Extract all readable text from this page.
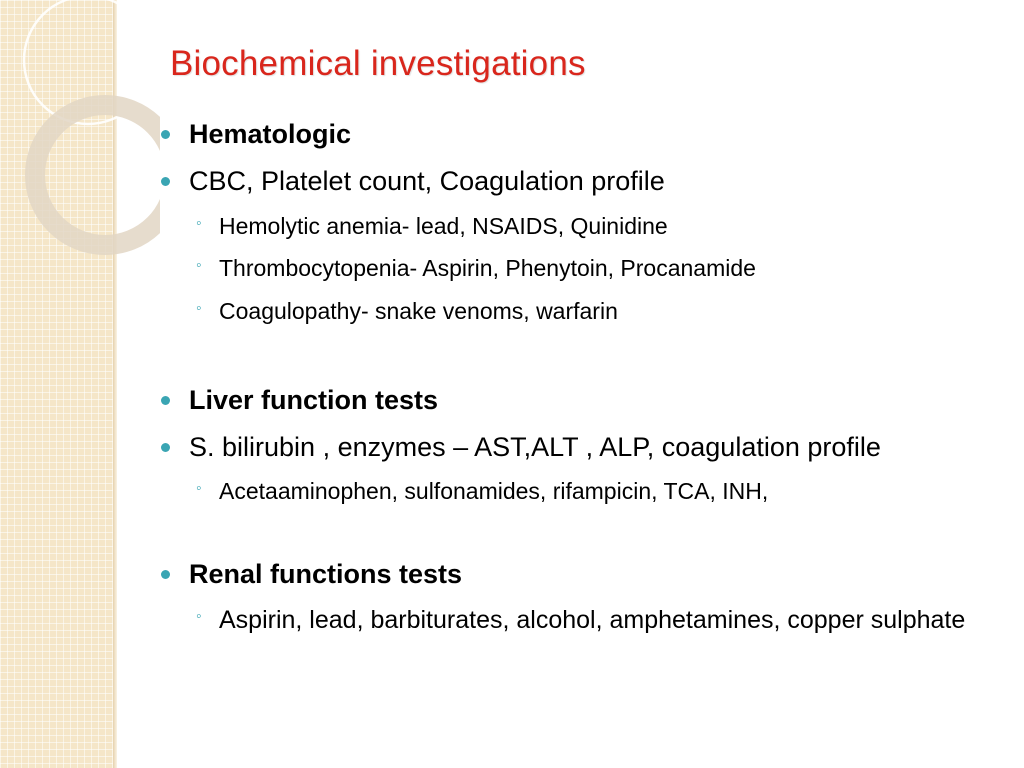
Biochemical investigations
Hematologic
CBC, Platelet count, Coagulation profile
◦ Hemolytic anemia- lead, NSAIDS, Quinidine
◦ Thrombocytopenia- Aspirin, Phenytoin, Procanamide
◦ Coagulopathy- snake venoms, warfarin
Liver function tests
S. bilirubin , enzymes – AST,ALT , ALP, coagulation profile
◦ Acetaaminophen, sulfonamides, rifampicin, TCA, INH,
Renal functions tests
◦ Aspirin, lead, barbiturates, alcohol, amphetamines, copper sulphate
